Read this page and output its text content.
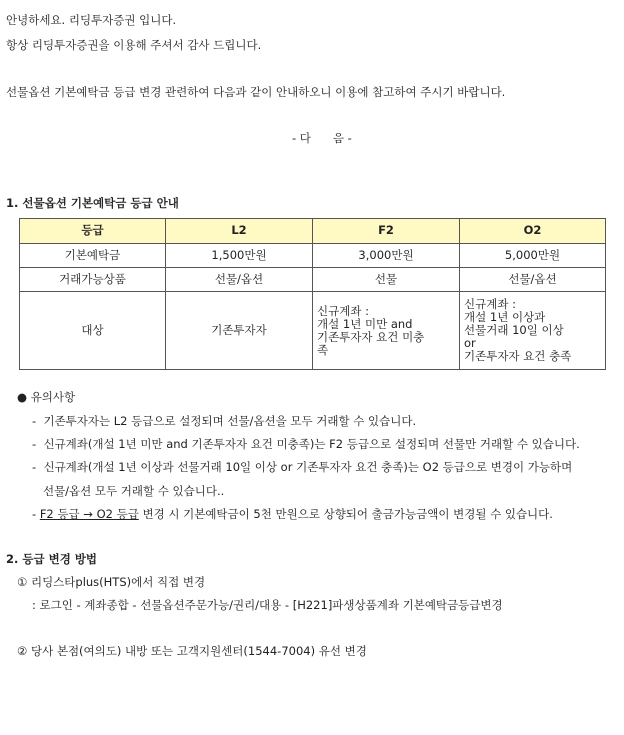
안녕하세요. 리딩투자증권 입니다.
항상 리딩투자증권을 이용해 주셔서 감사 드립니다.
선물옵션 기본예탁금 등급 변경 관련하여 다음과 같이 안내하오니 이용에 참고하여 주시기 바랍니다.
- 다      음 -
1. 선물옵션 기본예탁금 등급 안내
등급	L2	F2	O2
기본예탁금	1,500만원	3,000만원	5,000만원
거래가능상품	선물/옵션	선물	선물/옵션
대상	기존투자자	신규계좌 :
개설 1년 미만 and
기존투자자 요건 미충
족	신규계좌 :
개설 1년 이상과
선물거래 10일 이상
or
기존투자자 요건 충족
● 유의사항
-  기존투자자는 L2 등급으로 설정되며 선물/옵션을 모두 거래할 수 있습니다.
-  신규계좌(개설 1년 미만 and 기존투자자 요건 미충족)는 F2 등급으로 설정되며 선물만 거래할 수 있습니다.
-  신규계좌(개설 1년 이상과 선물거래 10일 이상 or 기존투자자 요건 충족)는 O2 등급으로 변경이 가능하며
선물/옵션 모두 거래할 수 있습니다..
- F2 등급 → O2 등급 변경 시 기본예탁금이 5천 만원으로 상향되어 출금가능금액이 변경될 수 있습니다.
2. 등급 변경 방법
① 리딩스타plus(HTS)에서 직접 변경
: 로그인 - 계좌종합 - 선물옵션주문가능/권리/대용 - [H221]파생상품계좌 기본예탁금등급변경
② 당사 본점(여의도) 내방 또는 고객지원센터(1544-7004) 유선 변경
